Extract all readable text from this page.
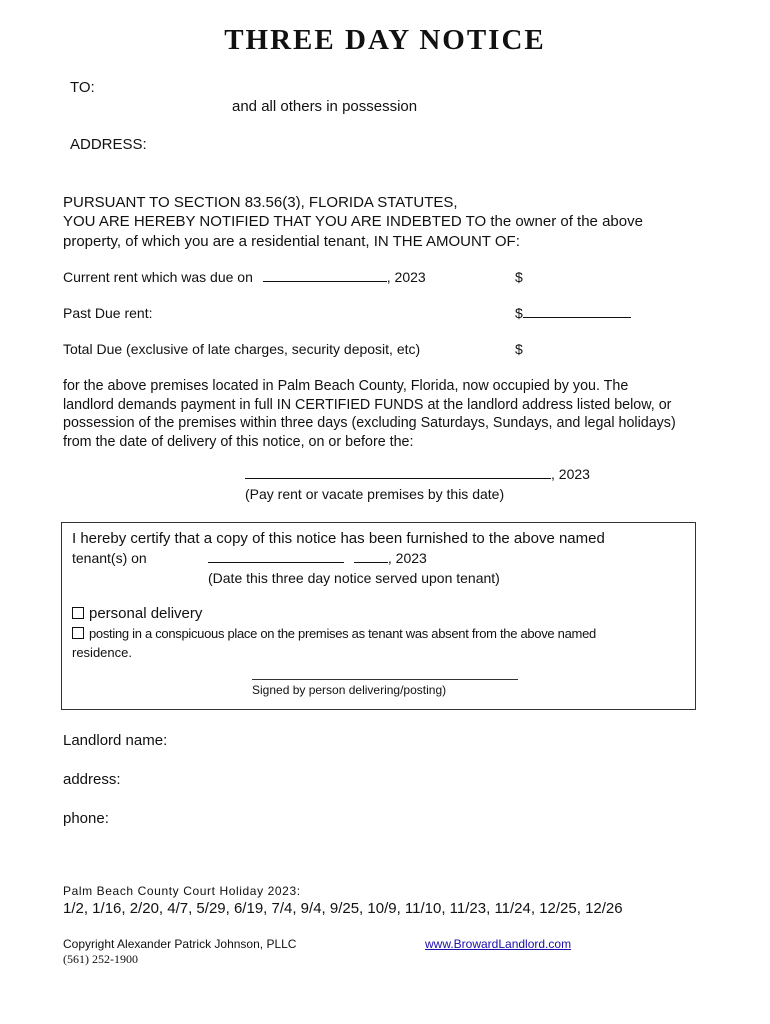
THREE DAY NOTICE
TO:
and all others in possession
ADDRESS:
PURSUANT TO SECTION 83.56(3), FLORIDA STATUTES,
YOU ARE HEREBY NOTIFIED THAT YOU ARE INDEBTED TO the owner of the above
property, of which you are a residential tenant, IN THE AMOUNT OF:
Current rent which was due on	, 2023	$
Past Due rent:	$
Total Due (exclusive of late charges, security deposit, etc)	$
for the above premises located in Palm Beach County, Florida, now occupied by you. The
landlord demands payment in full IN CERTIFIED FUNDS at the landlord address listed below, or
possession of the premises within three days (excluding Saturdays, Sundays, and legal holidays)
from the date of delivery of this notice, on or before the:
, 2023
(Pay rent or vacate premises by this date)
I hereby certify that a copy of this notice has been furnished to the above named
tenant(s) on	, 2023
(Date this three day notice served upon tenant)
personal delivery
posting in a conspicuous place on the premises as tenant was absent from the above named
residence.
Signed by person delivering/posting)
Landlord name:
address:
phone:
Palm Beach County Court Holiday 2023:
1/2, 1/16, 2/20, 4/7, 5/29, 6/19, 7/4, 9/4, 9/25, 10/9, 11/10, 11/23, 11/24, 12/25, 12/26
Copyright Alexander Patrick Johnson, PLLC
(561) 252-1900
www.BrowardLandlord.com
